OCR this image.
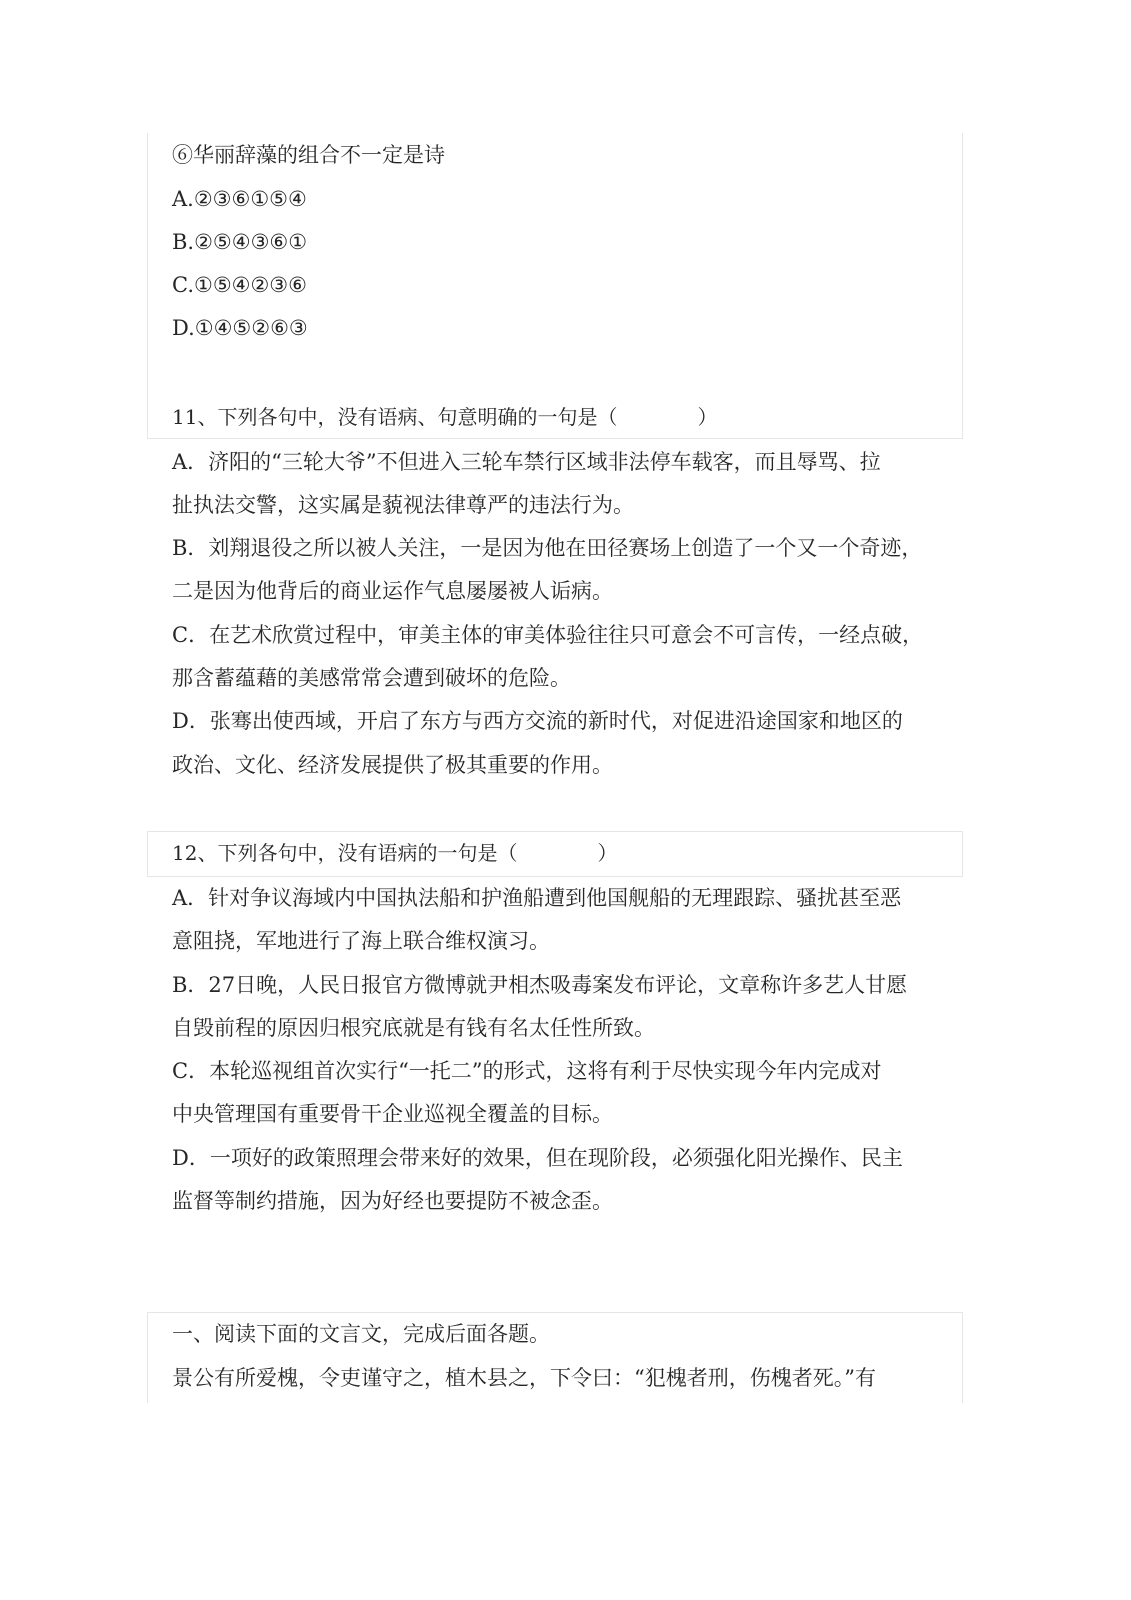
⑥华丽辞藻的组合不一定是诗
A.②③⑥①⑤④
B.②⑤④③⑥①
C.①⑤④②③⑥
D.①④⑤②⑥③
11、下列各句中，没有语病、句意明确的一句是（　　　　）
A．济阳的“三轮大爷”不但进入三轮车禁行区域非法停车载客，而且辱骂、拉
扯执法交警，这实属是藐视法律尊严的违法行为。
B．刘翔退役之所以被人关注，一是因为他在田径赛场上创造了一个又一个奇迹，
二是因为他背后的商业运作气息屡屡被人诟病。
C．在艺术欣赏过程中，审美主体的审美体验往往只可意会不可言传，一经点破，
那含蓄蕴藉的美感常常会遭到破坏的危险。
D．张骞出使西域，开启了东方与西方交流的新时代，对促进沿途国家和地区的
政治、文化、经济发展提供了极其重要的作用。
12、下列各句中，没有语病的一句是（　　　　）
A．针对争议海域内中国执法船和护渔船遭到他国舰船的无理跟踪、骚扰甚至恶
意阻挠，军地进行了海上联合维权演习。
B．27日晚，人民日报官方微博就尹相杰吸毒案发布评论，文章称许多艺人甘愿
自毁前程的原因归根究底就是有钱有名太任性所致。
C．本轮巡视组首次实行“一托二”的形式，这将有利于尽快实现今年内完成对
中央管理国有重要骨干企业巡视全覆盖的目标。
D．一项好的政策照理会带来好的效果，但在现阶段，必须强化阳光操作、民主
监督等制约措施，因为好经也要提防不被念歪。
一、阅读下面的文言文，完成后面各题。
景公有所爱槐，令吏谨守之，植木县之，下令曰：“犯槐者刑，伤槐者死。”有
